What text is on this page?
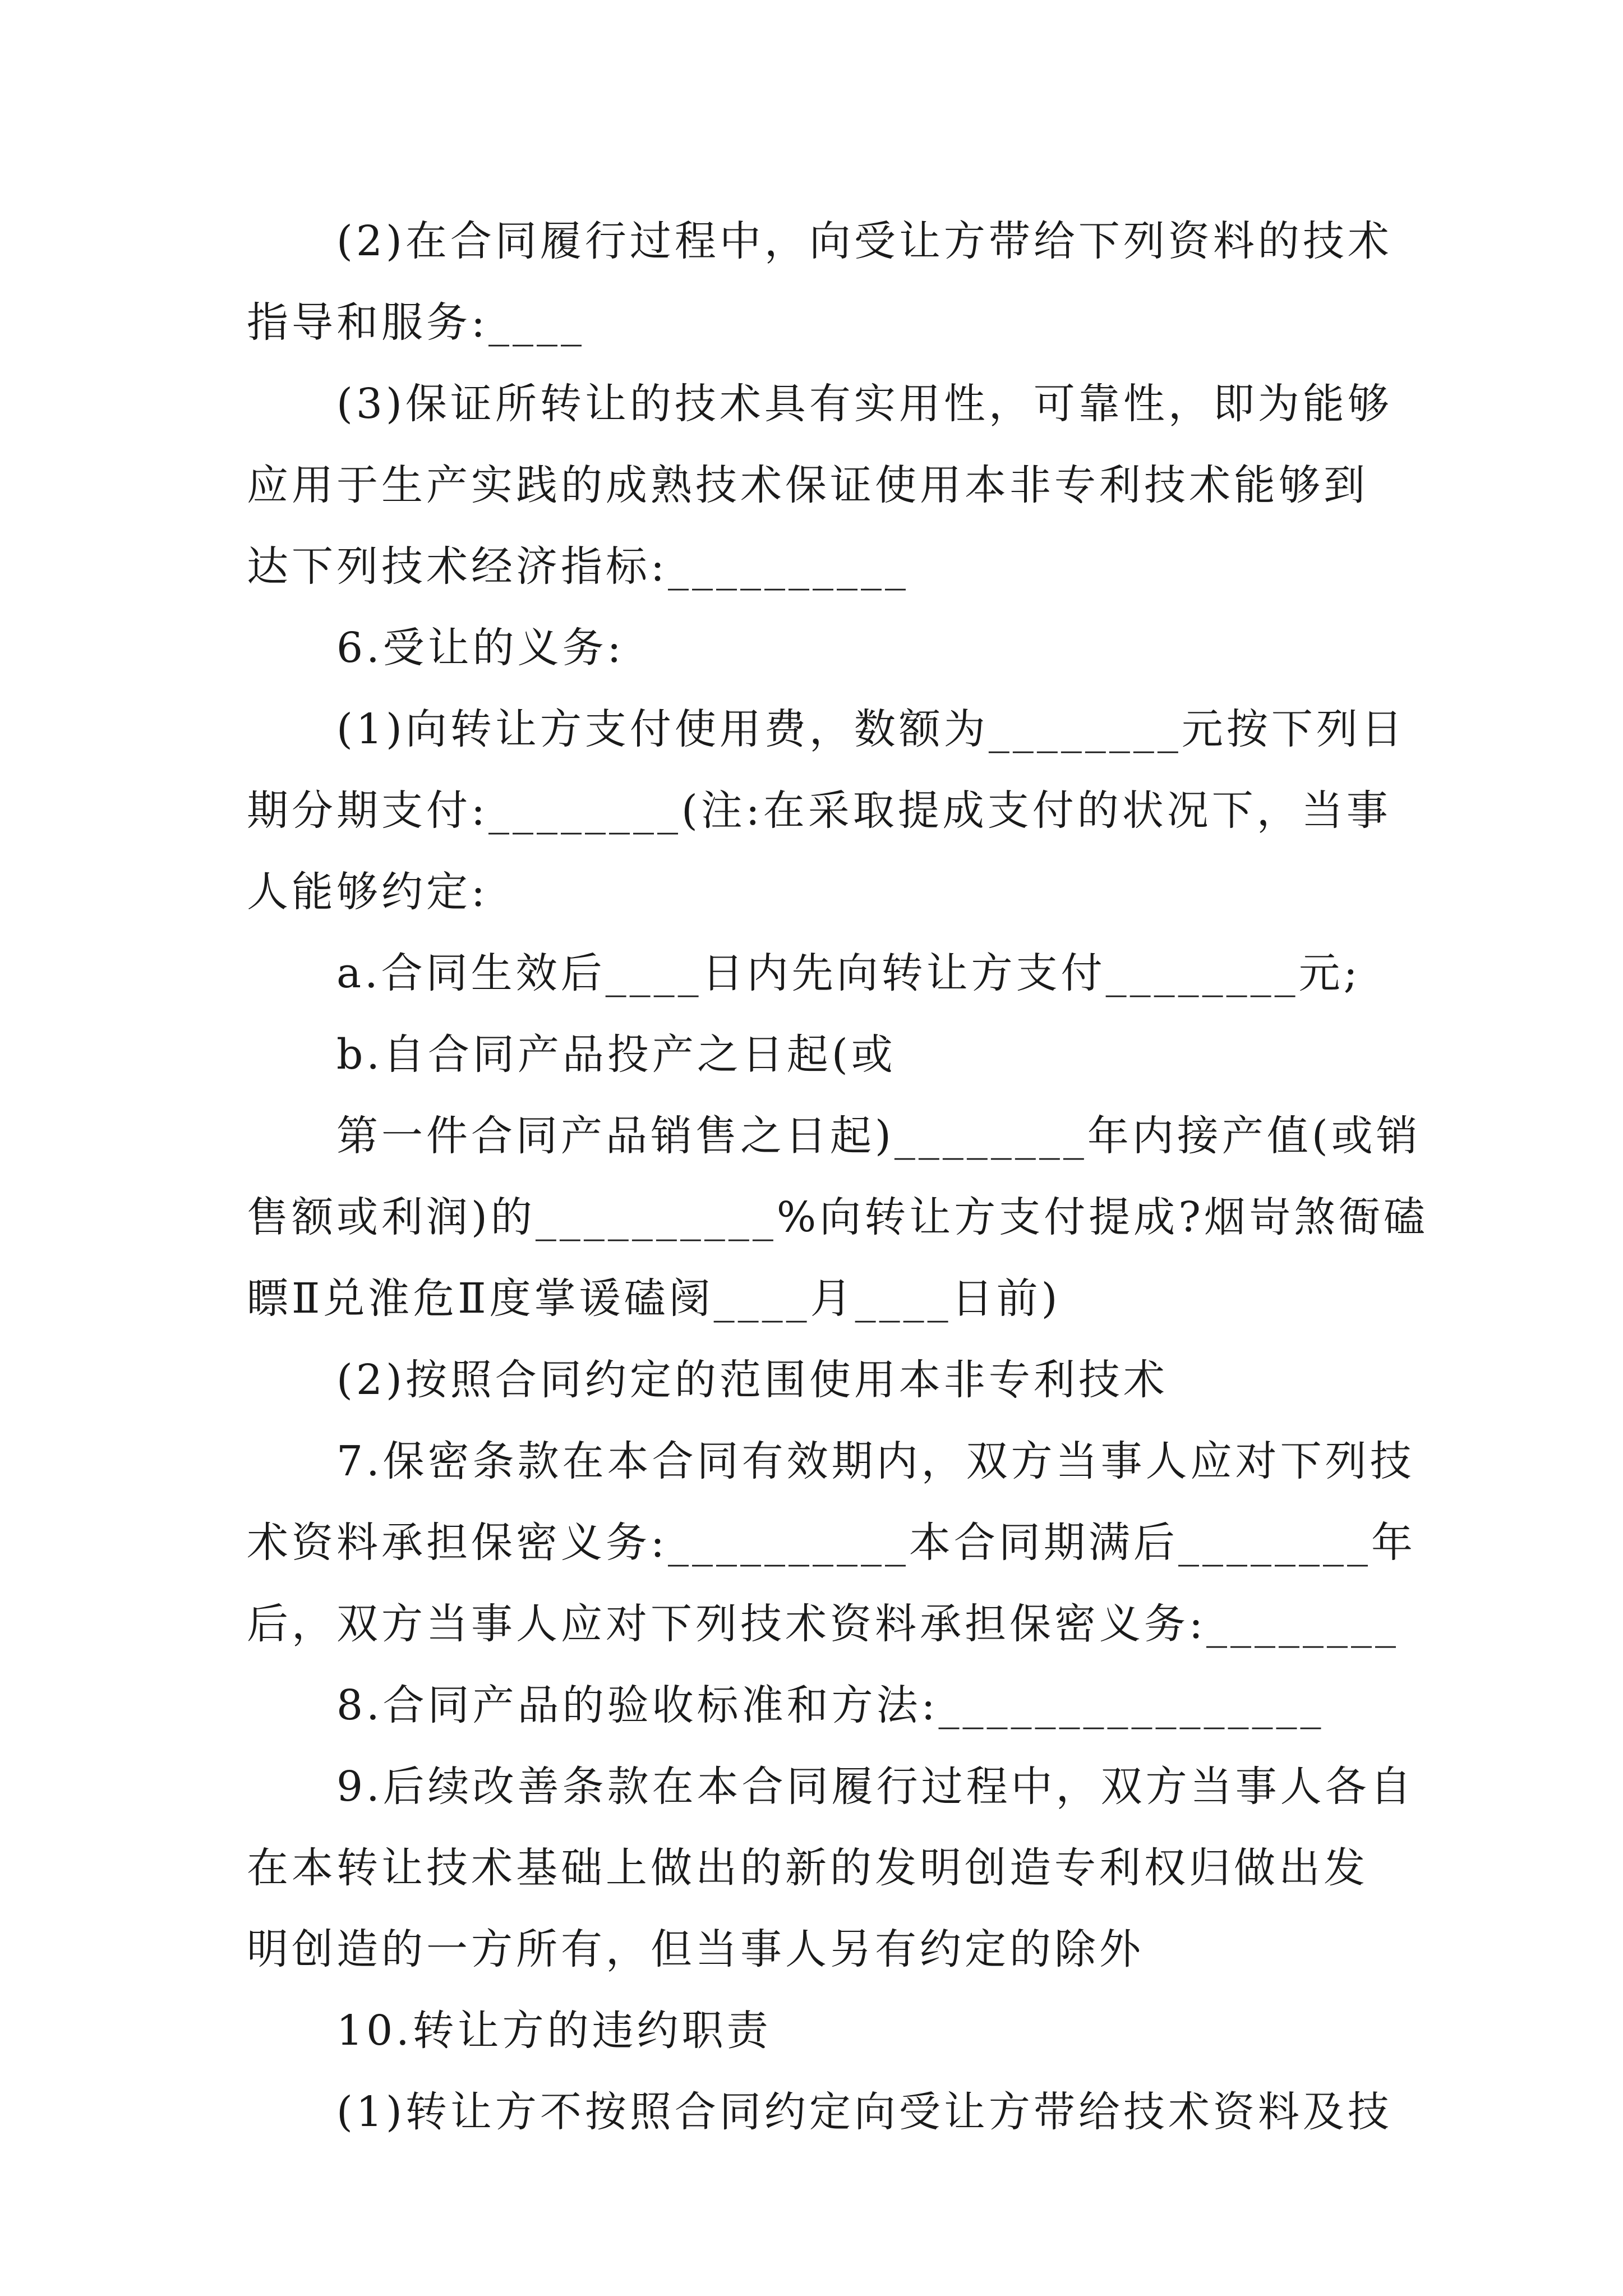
(2)在合同履行过程中，向受让方带给下列资料的技术
指导和服务:____
(3)保证所转让的技术具有实用性，可靠性，即为能够
应用于生产实践的成熟技术保证使用本非专利技术能够到
达下列技术经济指标:__________
6.受让的义务:
(1)向转让方支付使用费，数额为________元按下列日
期分期支付:________(注:在采取提成支付的状况下，当事
人能够约定:
a.合同生效后____日内先向转让方支付________元;
b.自合同产品投产之日起(或
第一件合同产品销售之日起)________年内接产值(或销
售额或利润)的__________%向转让方支付提成?烟岢煞衙磕
瞟Ⅱ兑淮危Ⅱ度掌谖磕阌____月____日前)
(2)按照合同约定的范围使用本非专利技术
7.保密条款在本合同有效期内，双方当事人应对下列技
术资料承担保密义务:__________本合同期满后________年
后，双方当事人应对下列技术资料承担保密义务:________
8.合同产品的验收标准和方法:________________
9.后续改善条款在本合同履行过程中，双方当事人各自
在本转让技术基础上做出的新的发明创造专利权归做出发
明创造的一方所有，但当事人另有约定的除外
10.转让方的违约职责
(1)转让方不按照合同约定向受让方带给技术资料及技
